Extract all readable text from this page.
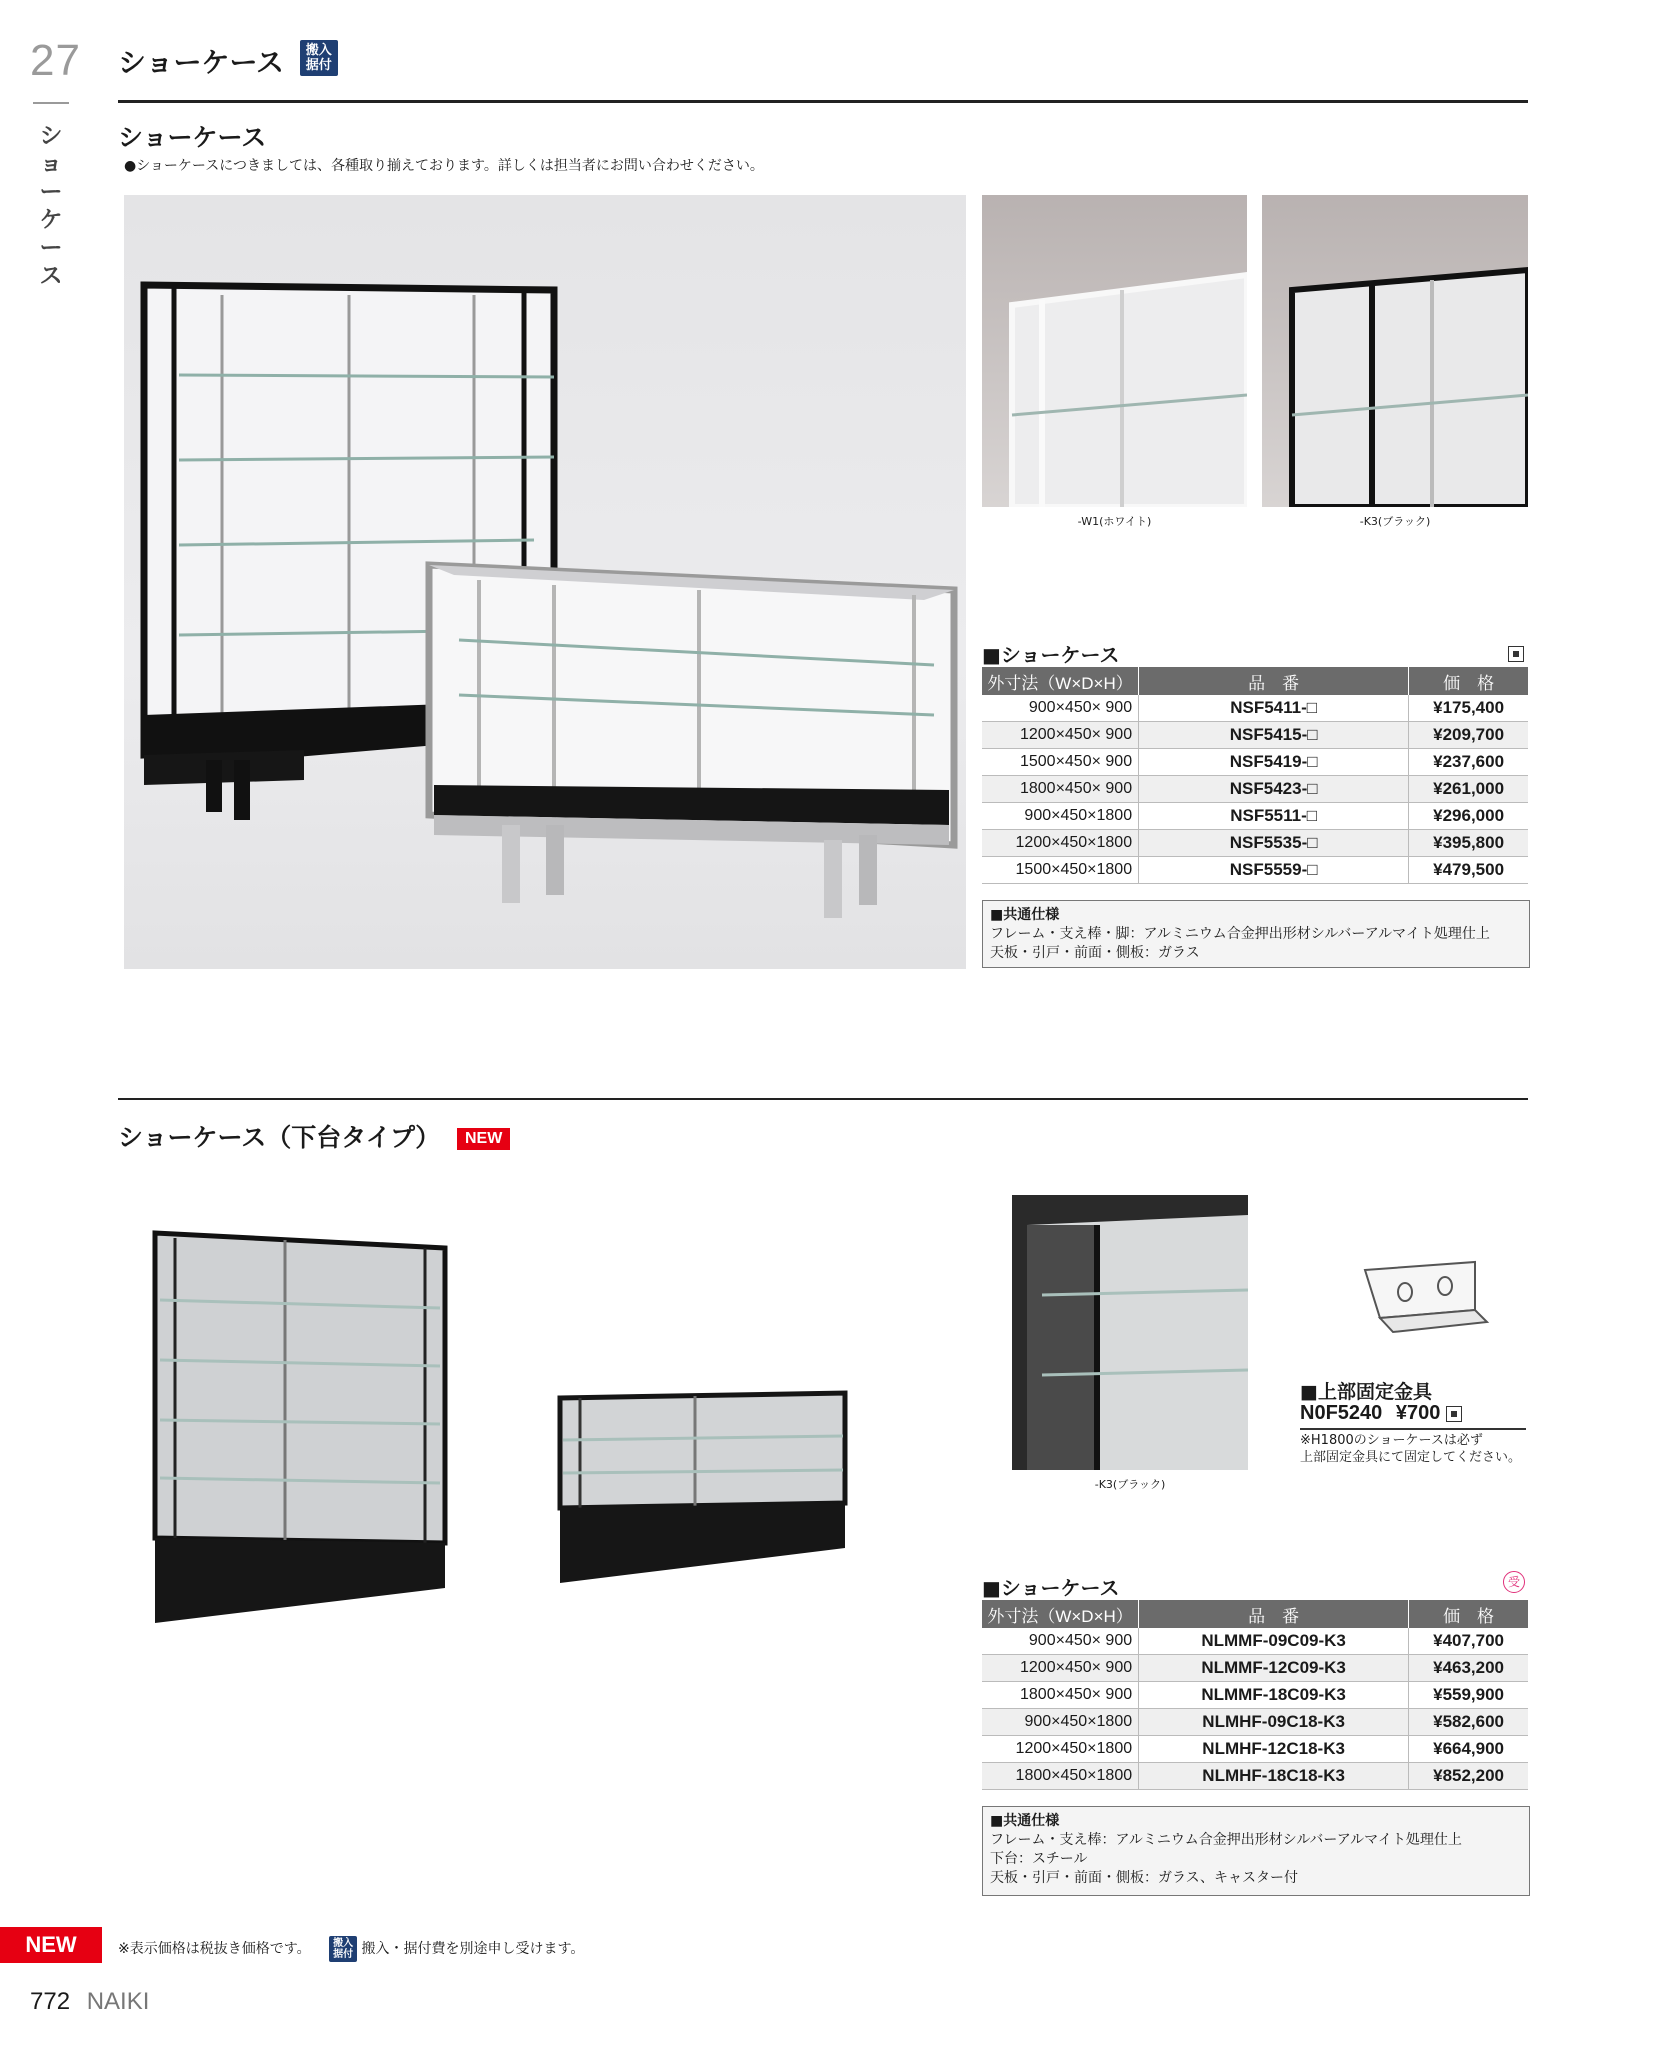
27
ショーケース
ショーケース 搬入据付
ショーケース
●ショーケースにつきましては、各種取り揃えております。詳しくは担当者にお問い合わせください。
-W1(ホワイト)	-K3(ブラック)
■ショーケース
外寸法（W×D×H）	品　番	価　格
900×450× 900	NSF5411-□	¥175,400
1200×450× 900	NSF5415-□	¥209,700
1500×450× 900	NSF5419-□	¥237,600
1800×450× 900	NSF5423-□	¥261,000
900×450×1800	NSF5511-□	¥296,000
1200×450×1800	NSF5535-□	¥395,800
1500×450×1800	NSF5559-□	¥479,500
■共通仕様
フレーム・支え棒・脚：アルミニウム合金押出形材シルバーアルマイト処理仕上
天板・引戸・前面・側板：ガラス
ショーケース（下台タイプ） NEW
-K3(ブラック)
■上部固定金具
N0F5240 ¥700
※H1800のショーケースは必ず
上部固定金具にて固定してください。
■ショーケース	受
外寸法（W×D×H）	品　番	価　格
900×450× 900	NLMMF-09C09-K3	¥407,700
1200×450× 900	NLMMF-12C09-K3	¥463,200
1800×450× 900	NLMMF-18C09-K3	¥559,900
900×450×1800	NLMHF-09C18-K3	¥582,600
1200×450×1800	NLMHF-12C18-K3	¥664,900
1800×450×1800	NLMHF-18C18-K3	¥852,200
■共通仕様
フレーム・支え棒：アルミニウム合金押出形材シルバーアルマイト処理仕上
下台：スチール
天板・引戸・前面・側板：ガラス、キャスター付
NEW	※表示価格は税抜き価格です。 搬入据付 搬入・据付費を別途申し受けます。
772 NAIKI
